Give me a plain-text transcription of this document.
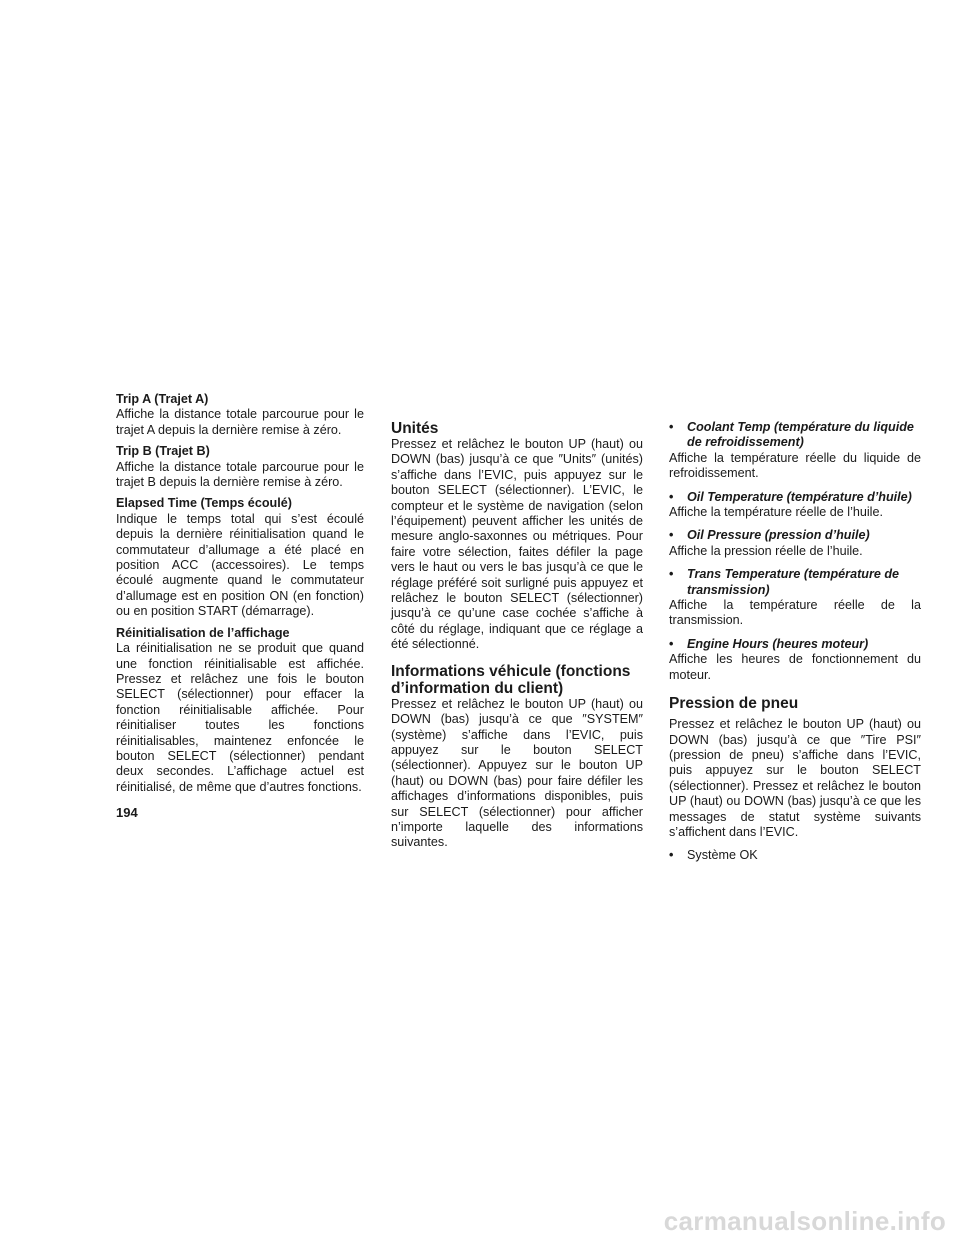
Trip A (Trajet A)

Affiche la distance totale parcourue pour le trajet A depuis la dernière remise à zéro.

Trip B (Trajet B)

Affiche la distance totale parcourue pour le trajet B depuis la dernière remise à zéro.

Elapsed Time (Temps écoulé)

Indique le temps total qui s’est écoulé depuis la dernière réinitialisation quand le commutateur d’allumage a été placé en position ACC (accessoires). Le temps écoulé augmente quand le commutateur d’allumage est en position ON (en fonction) ou en position START (démarrage).

Réinitialisation de l’affichage

La réinitialisation ne se produit que quand une fonction réinitialisable est affichée. Pressez et relâchez une fois le bouton SELECT (sélectionner) pour effacer la fonction réinitialisable affichée. Pour réinitialiser toutes les fonctions réinitialisables, maintenez enfoncée le bouton SELECT (sélectionner) pendant deux secondes. L’affichage actuel est réinitialisé, de même que d’autres fonctions.

Unités

Pressez et relâchez le bouton UP (haut) ou DOWN (bas) jusqu’à ce que ″Units″ (unités) s’affiche dans l’EVIC, puis appuyez sur le bouton SELECT (sélectionner). L’EVIC, le compteur et le système de navigation (selon l’équipement) peuvent afficher les unités de mesure anglo-saxonnes ou métriques. Pour faire votre sélection, faites défiler la page vers le haut ou vers le bas jusqu’à ce que le réglage préféré soit surligné puis appuyez et relâchez le bouton SELECT (sélectionner) jusqu’à ce qu’une case cochée s’affiche à côté du réglage, indiquant que ce réglage a été sélectionné.

Informations véhicule (fonctions d’information du client)

Pressez et relâchez le bouton UP (haut) ou DOWN (bas) jusqu’à ce que ″SYSTEM″ (système) s’affiche dans l’EVIC, puis appuyez sur le bouton SELECT (sélectionner). Appuyez sur le bouton UP (haut) ou DOWN (bas) pour faire défiler les affichages d’informations disponibles, puis sur SELECT (sélectionner) pour afficher n’importe laquelle des informations suivantes.

•	Coolant Temp (température du liquide de refroidissement)

Affiche la température réelle du liquide de refroidissement.

•	Oil Temperature (température d’huile)

Affiche la température réelle de l’huile.

•	Oil Pressure (pression d’huile)

Affiche la pression réelle de l’huile.

•	Trans Temperature (température de transmission)

Affiche la température réelle de la transmission.

•	Engine Hours (heures moteur)

Affiche les heures de fonctionnement du moteur.

Pression de pneu

Pressez et relâchez le bouton UP (haut) ou DOWN (bas) jusqu’à ce que ″Tire PSI″ (pression de pneu) s’affiche dans l’EVIC, puis appuyez sur le bouton SELECT (sélectionner). Pressez et relâchez le bouton UP (haut) ou DOWN (bas) jusqu’à ce que les messages de statut système suivants s’affichent dans l’EVIC.

•	Système OK
194
carmanualsonline.info
